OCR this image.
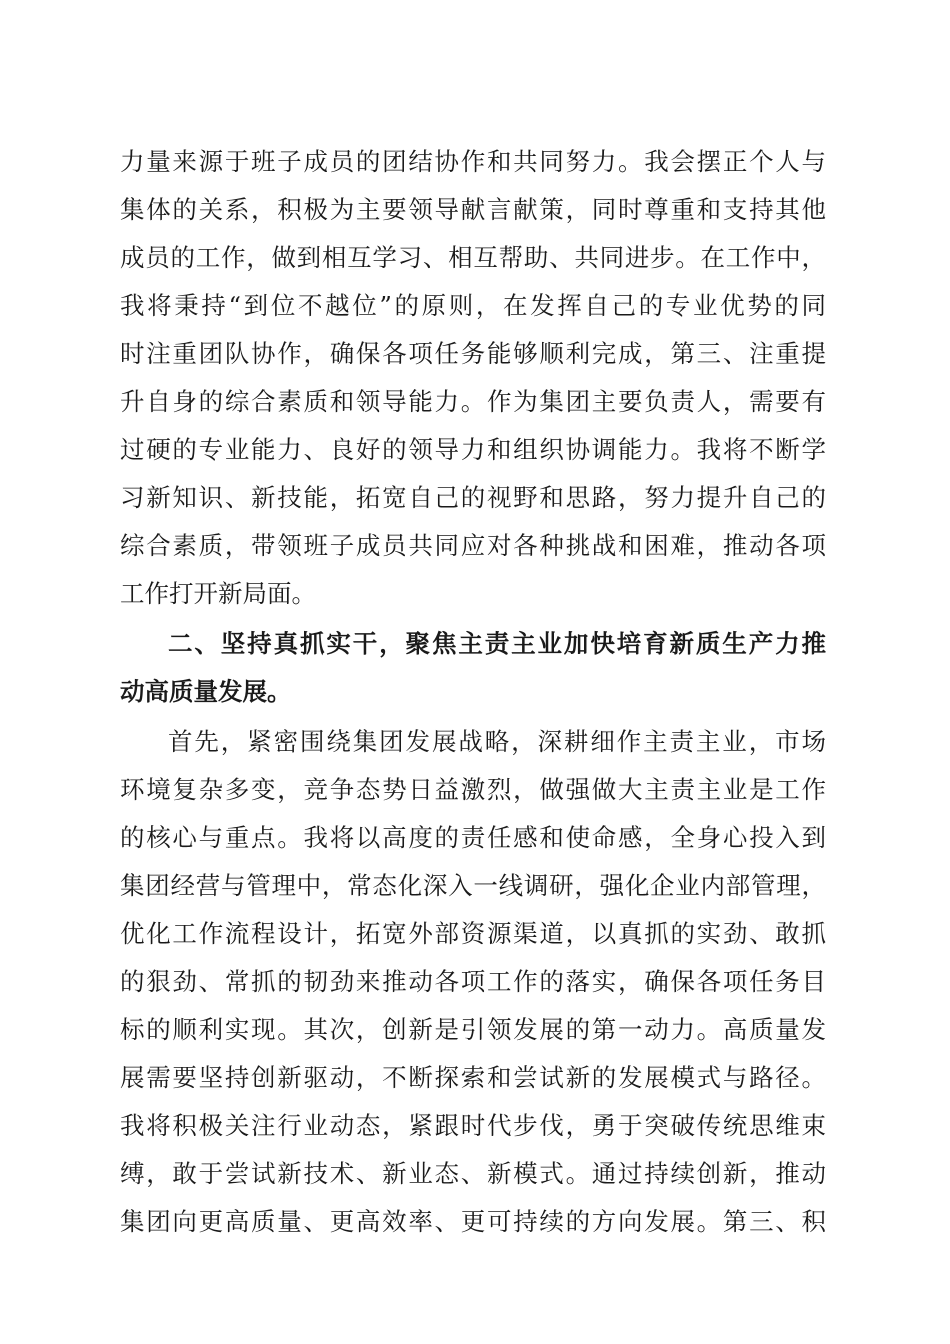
力量来源于班子成员的团结协作和共同努力。我会摆正个人与
集体的关系，积极为主要领导献言献策，同时尊重和支持其他
成员的工作，做到相互学习、相互帮助、共同进步。在工作中，
我将秉持“到位不越位”的原则，在发挥自己的专业优势的同
时注重团队协作，确保各项任务能够顺利完成，第三、注重提
升自身的综合素质和领导能力。作为集团主要负责人，需要有
过硬的专业能力、良好的领导力和组织协调能力。我将不断学
习新知识、新技能，拓宽自己的视野和思路，努力提升自己的
综合素质，带领班子成员共同应对各种挑战和困难，推动各项
工作打开新局面。
二、坚持真抓实干，聚焦主责主业加快培育新质生产力推
动高质量发展。
首先，紧密围绕集团发展战略，深耕细作主责主业，市场
环境复杂多变，竞争态势日益激烈，做强做大主责主业是工作
的核心与重点。我将以高度的责任感和使命感，全身心投入到
集团经营与管理中，常态化深入一线调研，强化企业内部管理，
优化工作流程设计，拓宽外部资源渠道，以真抓的实劲、敢抓
的狠劲、常抓的韧劲来推动各项工作的落实，确保各项任务目
标的顺利实现。其次，创新是引领发展的第一动力。高质量发
展需要坚持创新驱动，不断探索和尝试新的发展模式与路径。
我将积极关注行业动态，紧跟时代步伐，勇于突破传统思维束
缚，敢于尝试新技术、新业态、新模式。通过持续创新，推动
集团向更高质量、更高效率、更可持续的方向发展。第三、积
